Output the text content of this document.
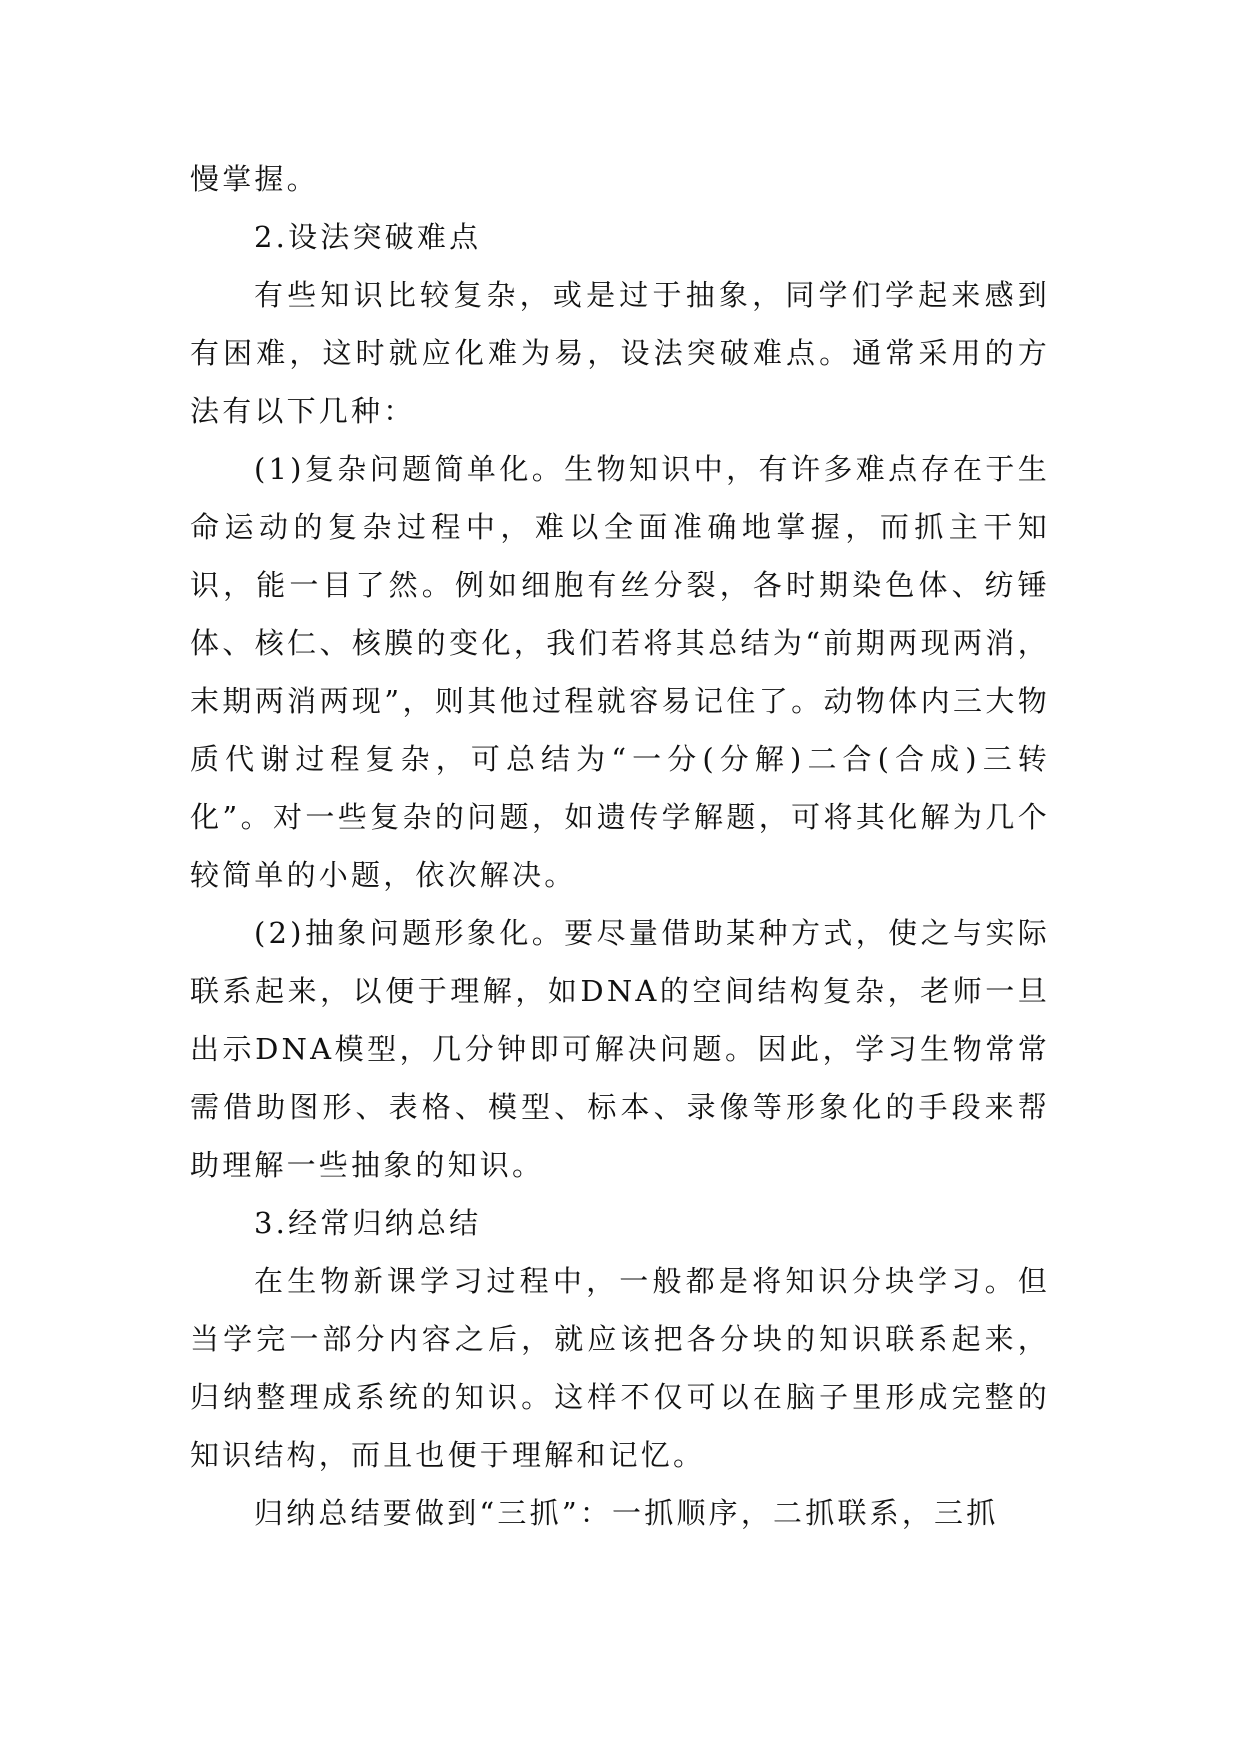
慢掌握。

2.设法突破难点

有些知识比较复杂，或是过于抽象，同学们学起来感到有困难，这时就应化难为易，设法突破难点。通常采用的方法有以下几种：

(1)复杂问题简单化。生物知识中，有许多难点存在于生命运动的复杂过程中，难以全面准确地掌握，而抓主干知识，能一目了然。例如细胞有丝分裂，各时期染色体、纺锤体、核仁、核膜的变化，我们若将其总结为“前期两现两消，末期两消两现”，则其他过程就容易记住了。动物体内三大物质代谢过程复杂，可总结为“一分(分解)二合(合成)三转化”。对一些复杂的问题，如遗传学解题，可将其化解为几个较简单的小题，依次解决。

(2)抽象问题形象化。要尽量借助某种方式，使之与实际联系起来，以便于理解，如DNA的空间结构复杂，老师一旦出示DNA模型，几分钟即可解决问题。因此，学习生物常常需借助图形、表格、模型、标本、录像等形象化的手段来帮助理解一些抽象的知识。

3.经常归纳总结

在生物新课学习过程中，一般都是将知识分块学习。但当学完一部分内容之后，就应该把各分块的知识联系起来，归纳整理成系统的知识。这样不仅可以在脑子里形成完整的知识结构，而且也便于理解和记忆。

归纳总结要做到“三抓”：一抓顺序，二抓联系，三抓
